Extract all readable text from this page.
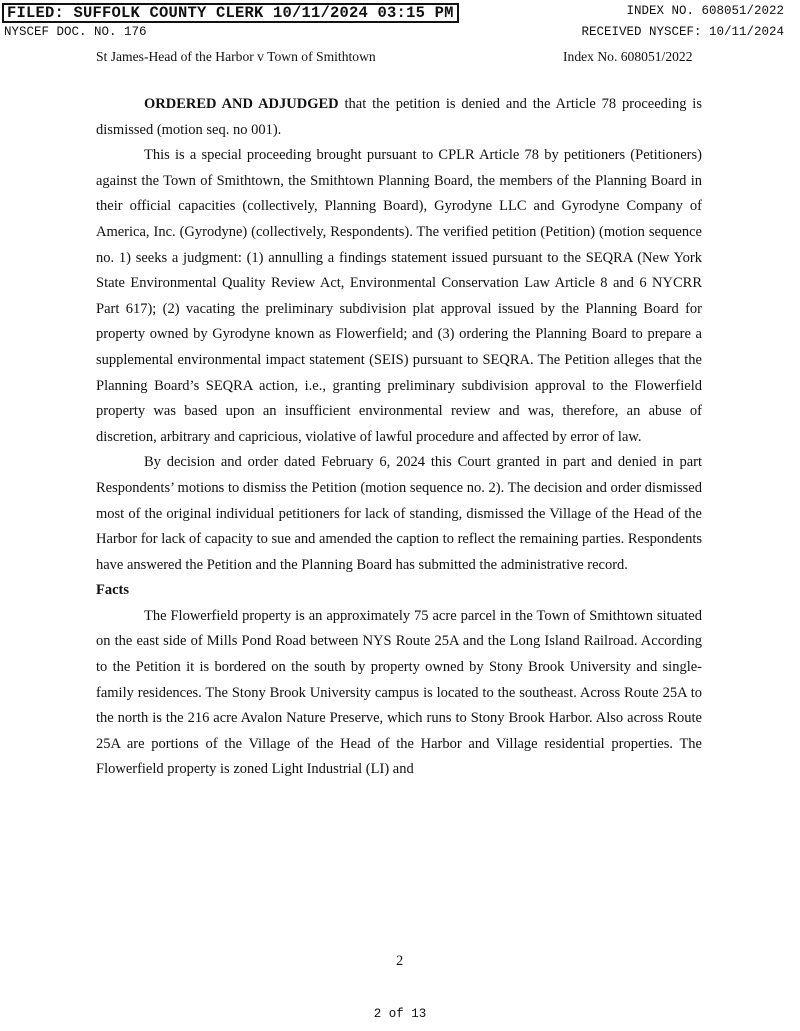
FILED: SUFFOLK COUNTY CLERK 10/11/2024 03:15 PM	INDEX NO. 608051/2022
NYSCEF DOC. NO. 176	RECEIVED NYSCEF: 10/11/2024
St James-Head of the Harbor v Town of Smithtown	Index No. 608051/2022

ORDERED AND ADJUDGED that the petition is denied and the Article 78 proceeding is dismissed (motion seq. no 001).

This is a special proceeding brought pursuant to CPLR Article 78 by petitioners (Petitioners) against the Town of Smithtown, the Smithtown Planning Board, the members of the Planning Board in their official capacities (collectively, Planning Board), Gyrodyne LLC and Gyrodyne Company of America, Inc. (Gyrodyne) (collectively, Respondents). The verified petition (Petition) (motion sequence no. 1) seeks a judgment: (1) annulling a findings statement issued pursuant to the SEQRA (New York State Environmental Quality Review Act, Environmental Conservation Law Article 8 and 6 NYCRR Part 617); (2) vacating the preliminary subdivision plat approval issued by the Planning Board for property owned by Gyrodyne known as Flowerfield; and (3) ordering the Planning Board to prepare a supplemental environmental impact statement (SEIS) pursuant to SEQRA. The Petition alleges that the Planning Board’s SEQRA action, i.e., granting preliminary subdivision approval to the Flowerfield property was based upon an insufficient environmental review and was, therefore, an abuse of discretion, arbitrary and capricious, violative of lawful procedure and affected by error of law.

By decision and order dated February 6, 2024 this Court granted in part and denied in part Respondents’ motions to dismiss the Petition (motion sequence no. 2). The decision and order dismissed most of the original individual petitioners for lack of standing, dismissed the Village of the Head of the Harbor for lack of capacity to sue and amended the caption to reflect the remaining parties. Respondents have answered the Petition and the Planning Board has submitted the administrative record.

Facts

The Flowerfield property is an approximately 75 acre parcel in the Town of Smithtown situated on the east side of Mills Pond Road between NYS Route 25A and the Long Island Railroad. According to the Petition it is bordered on the south by property owned by Stony Brook University and single-family residences. The Stony Brook University campus is located to the southeast. Across Route 25A to the north is the 216 acre Avalon Nature Preserve, which runs to Stony Brook Harbor. Also across Route 25A are portions of the Village of the Head of the Harbor and Village residential properties. The Flowerfield property is zoned Light Industrial (LI) and

2
2 of 13
